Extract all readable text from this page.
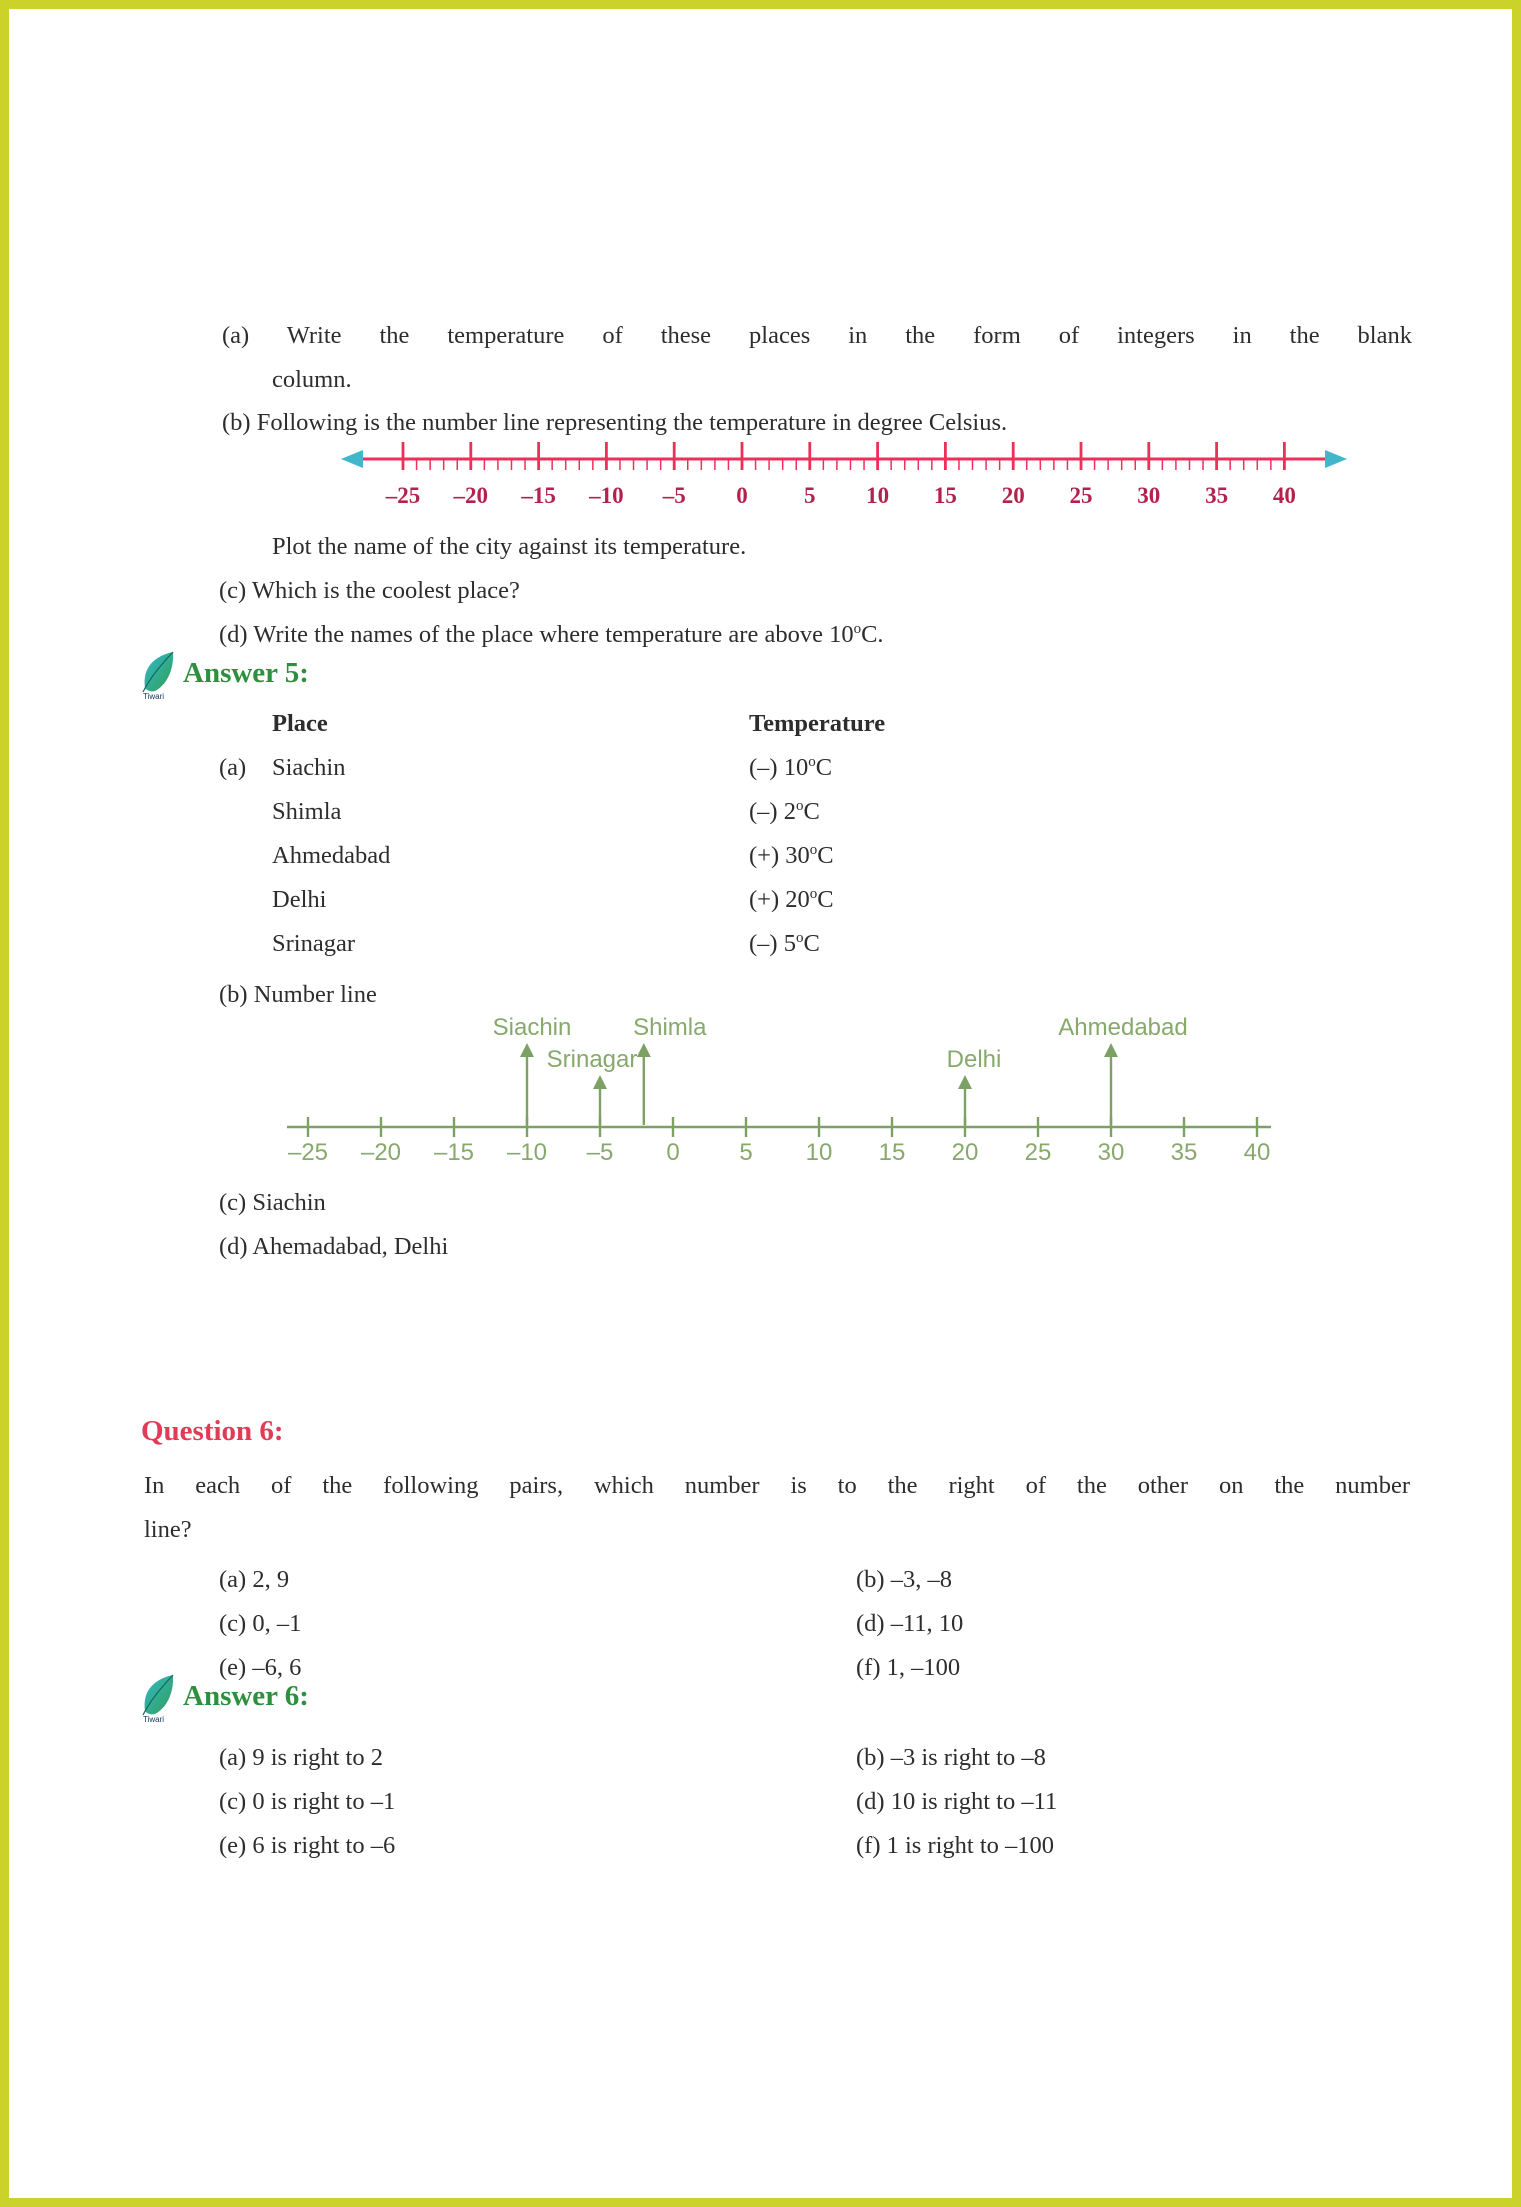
(a) Write the temperature of these places in the form of integers in the blank
column.

(b) Following is the number line representing the temperature in degree Celsius.

–25 –20 –15 –10 –5 0 5 10 15 20 25 30 35 40

Plot the name of the city against its temperature.

(c) Which is the coolest place?

(d) Write the names of the place where temperature are above 10$^o$C.

Tiwari
Answer 5:
Place	Temperature
(a) Siachin	(–) 10$^o$C
Shimla	(–) 2$^o$C
Ahmedabad	(+) 30$^o$C
Delhi	(+) 20$^o$C
Srinagar	(–) 5$^o$C

(b) Number line

–25 –20 –15 –10 –5 0 5 10 15 20 25 30 35 40
Siachin
Srinagar
Shimla
Delhi
Ahmedabad

(c) Siachin

(d) Ahemadabad, Delhi

Question 6:
In each of the following pairs, which number is to the right of the other on the number
line?
(a) 2, 9	(b) –3, –8
(c) 0, –1	(d) –11, 10
(e) –6, 6	(f) 1, –100
Tiwari
Answer 6:
(a) 9 is right to 2	(b) –3 is right to –8
(c) 0 is right to –1	(d) 10 is right to –11
(e) 6 is right to –6	(f) 1 is right to –100
